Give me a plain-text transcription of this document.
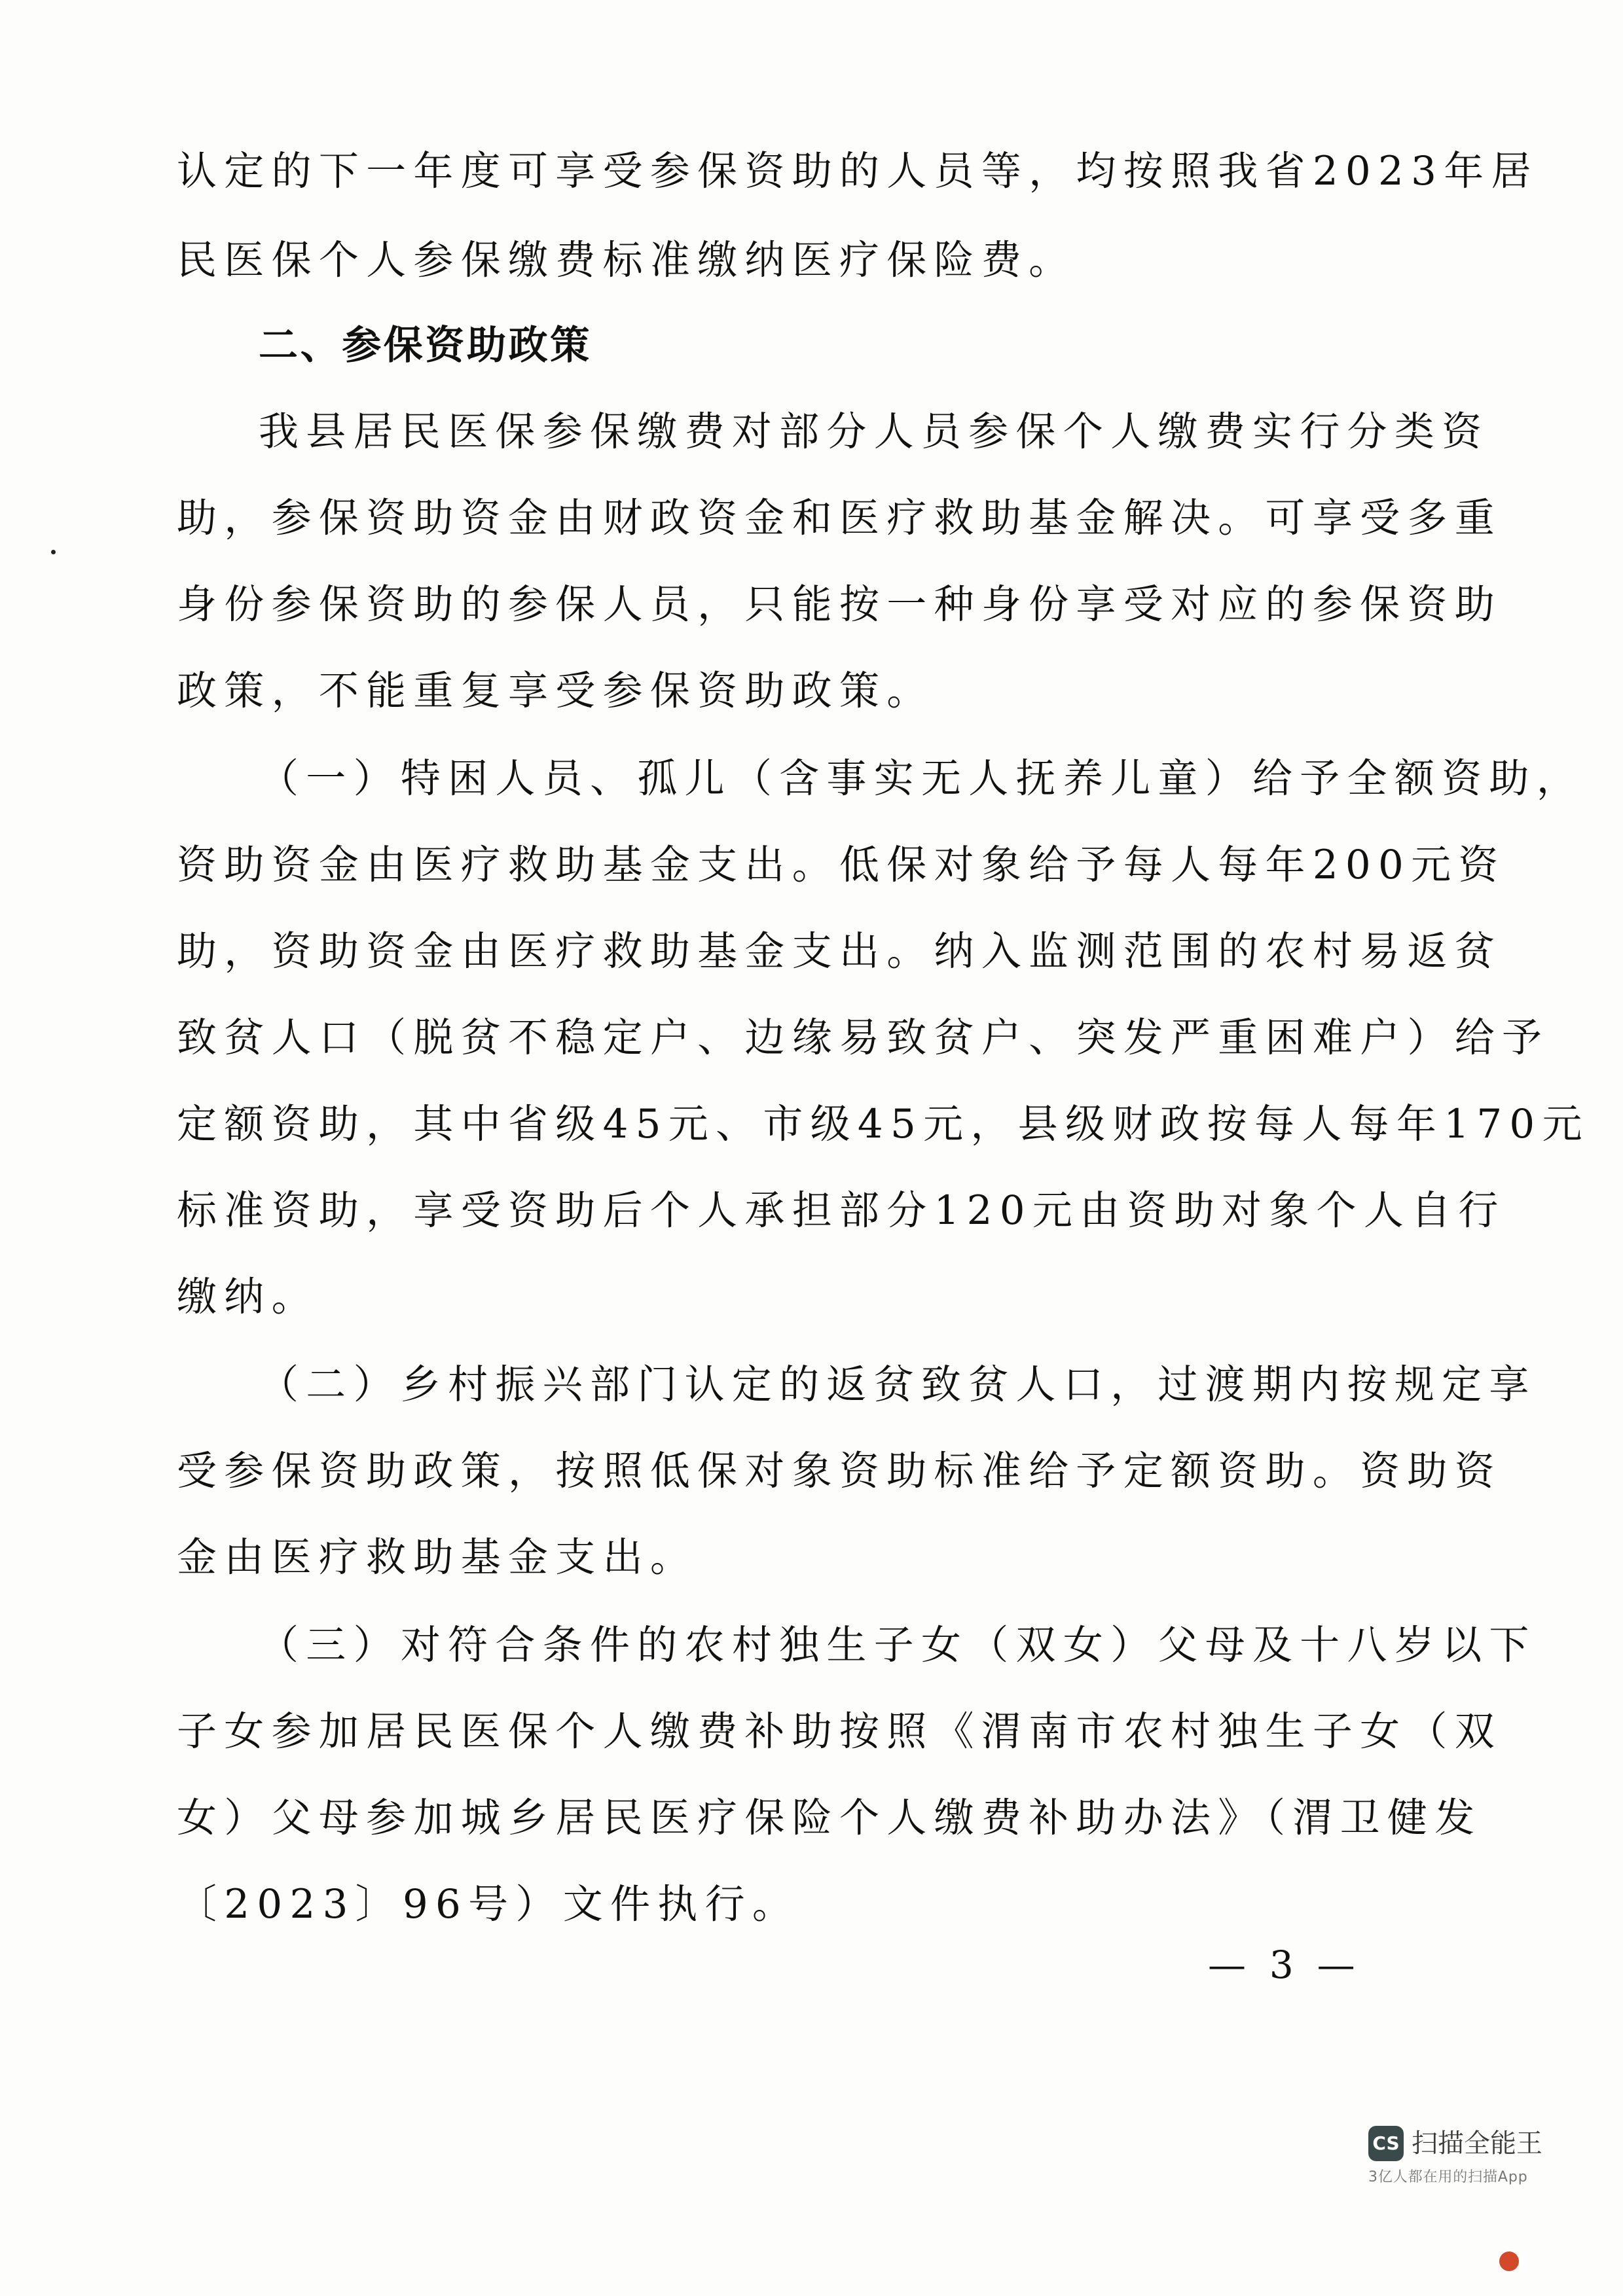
认定的下一年度可享受参保资助的人员等，均按照我省2023年居
民医保个人参保缴费标准缴纳医疗保险费。
二、参保资助政策
我县居民医保参保缴费对部分人员参保个人缴费实行分类资
助，参保资助资金由财政资金和医疗救助基金解决。可享受多重
身份参保资助的参保人员，只能按一种身份享受对应的参保资助
政策，不能重复享受参保资助政策。
（一）特困人员、孤儿（含事实无人抚养儿童）给予全额资助，
资助资金由医疗救助基金支出。低保对象给予每人每年200元资
助，资助资金由医疗救助基金支出。纳入监测范围的农村易返贫
致贫人口（脱贫不稳定户、边缘易致贫户、突发严重困难户）给予
定额资助，其中省级45元、市级45元，县级财政按每人每年170元
标准资助，享受资助后个人承担部分120元由资助对象个人自行
缴纳。
（二）乡村振兴部门认定的返贫致贫人口，过渡期内按规定享
受参保资助政策，按照低保对象资助标准给予定额资助。资助资
金由医疗救助基金支出。
（三）对符合条件的农村独生子女（双女）父母及十八岁以下
子女参加居民医保个人缴费补助按照《渭南市农村独生子女（双
女）父母参加城乡居民医疗保险个人缴费补助办法》（渭卫健发
〔2023〕96号）文件执行。
— 3 —
CS 扫描全能王
3亿人都在用的扫描App
